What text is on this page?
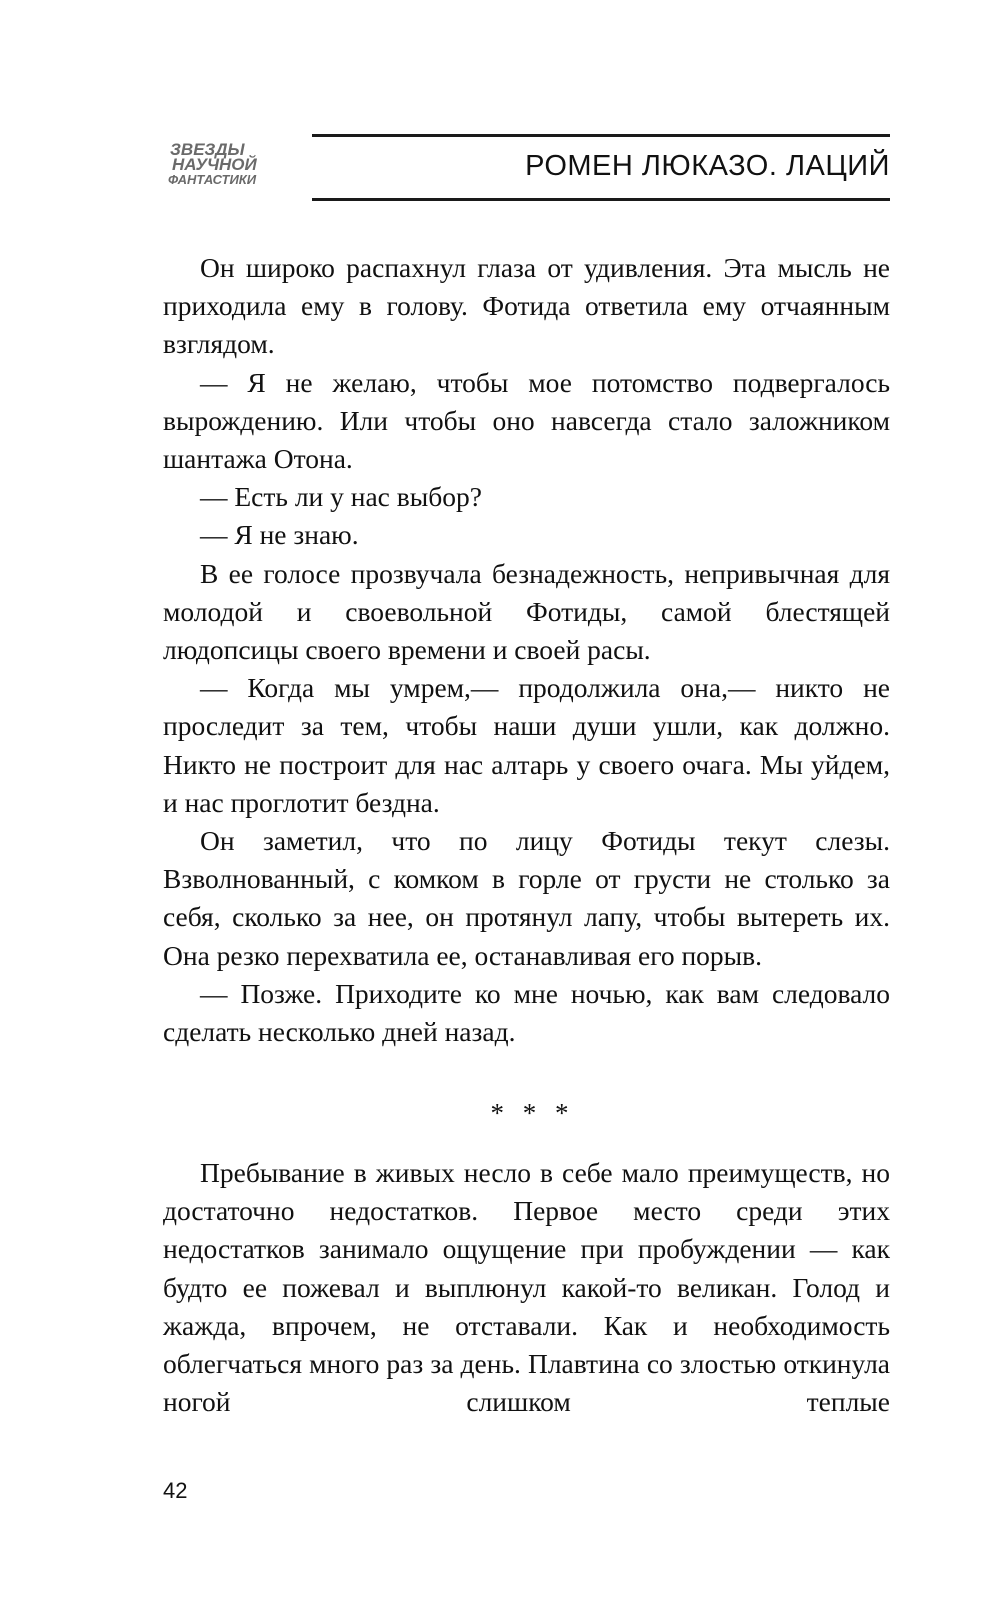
ЗВЕЗДЫ
НАУЧНОЙ
ФАНТАСТИКИ	РОМЕН ЛЮКАЗО. ЛАЦИЙ

Он широко распахнул глаза от удивления. Эта мысль не приходила ему в голову. Фотида ответила ему отчаянным взглядом.

— Я не желаю, чтобы мое потомство подвергалось вырождению. Или чтобы оно навсегда стало заложником шантажа Отона.

— Есть ли у нас выбор?

— Я не знаю.

В ее голосе прозвучала безнадежность, непривычная для молодой и своевольной Фотиды, самой блестящей людопсицы своего времени и своей расы.

— Когда мы умрем,— продолжила она,— никто не проследит за тем, чтобы наши души ушли, как должно. Никто не построит для нас алтарь у своего очага. Мы уйдем, и нас проглотит бездна.

Он заметил, что по лицу Фотиды текут слезы. Взволнованный, с комком в горле от грусти не столько за себя, сколько за нее, он протянул лапу, чтобы вытереть их. Она резко перехватила ее, останавливая его порыв.

— Позже. Приходите ко мне ночью, как вам следовало сделать несколько дней назад.

* * *

Пребывание в живых несло в себе мало преимуществ, но достаточно недостатков. Первое место среди этих недостатков занимало ощущение при пробуждении — как будто ее пожевал и выплюнул какой-то великан. Голод и жажда, впрочем, не отставали. Как и необходимость облегчаться много раз за день. Плавтина со злостью откинула ногой слишком теплые

42
